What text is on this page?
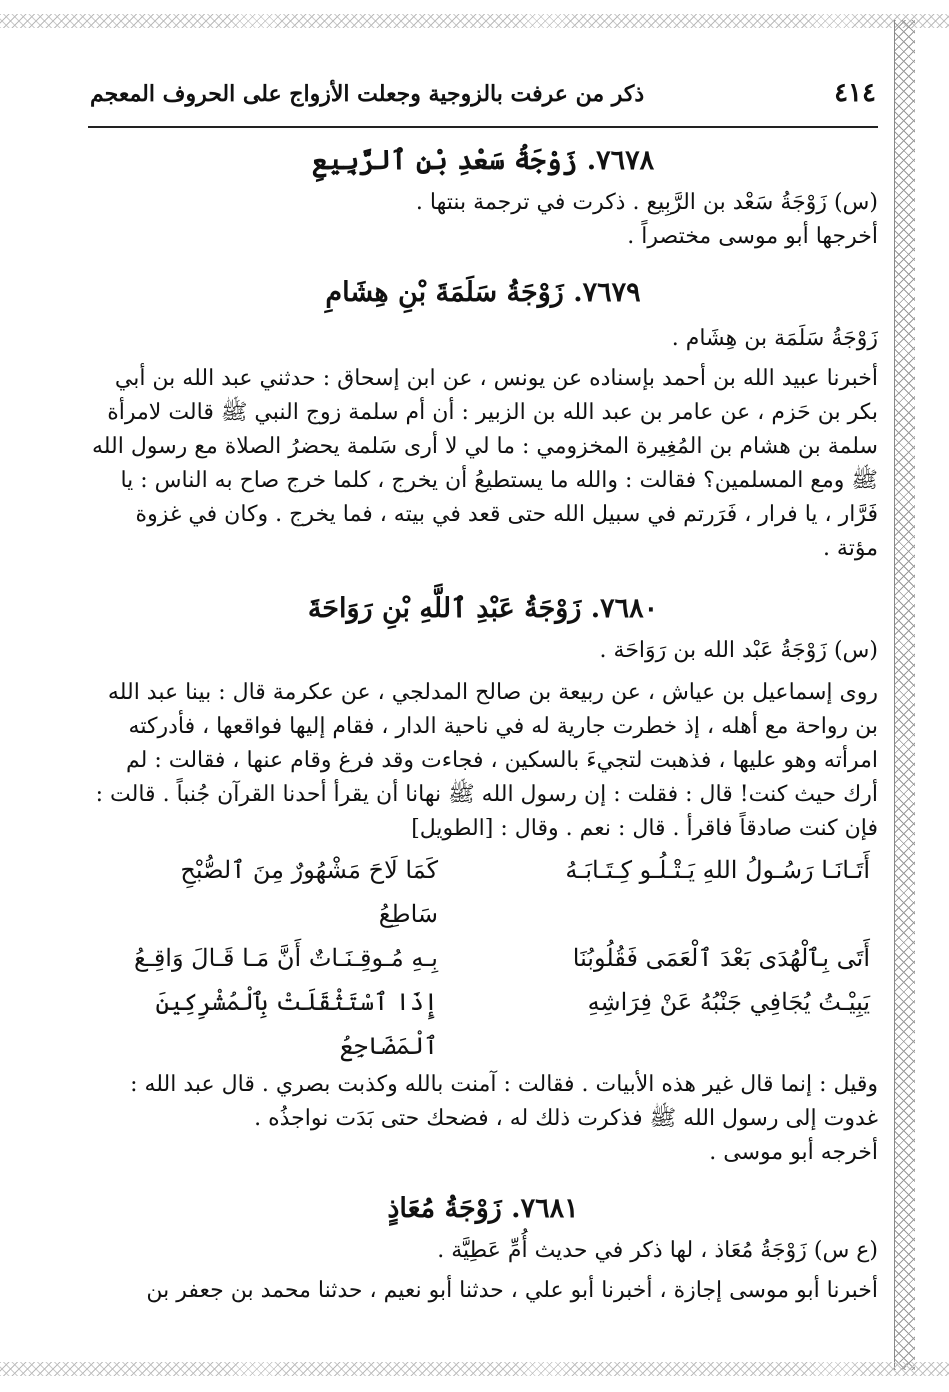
٤١٤
ذكر من عرفت بالزوجية وجعلت الأزواج على الحروف المعجم
٧٦٧٨. زَوْجَةُ سَعْدِ بْنِ ٱلرَّبِيعِ

(س) زَوْجَةُ سَعْد بن الرَّبِيع . ذكرت في ترجمة بنتها .

أخرجها أبو موسى مختصراً .

٧٦٧٩. زَوْجَةُ سَلَمَةَ بْنِ هِشَامِ

زَوْجَةُ سَلَمَة بن هِشَام .

أخبرنا عبيد الله بن أحمد بإسناده عن يونس ، عن ابن إسحاق : حدثني عبد الله بن أبي بكر بن حَزم ، عن عامر بن عبد الله بن الزبير : أن أم سلمة زوج النبي ﷺ قالت لامرأة سلمة بن هشام بن المُغِيرة المخزومي : ما لي لا أرى سَلمة يحضرُ الصلاة مع رسول الله ﷺ ومع المسلمين؟ فقالت : والله ما يستطيعُ أن يخرج ، كلما خرج صاح به الناس : يا فَرَّار ، يا فرار ، فَرَرتم في سبيل الله حتى قعد في بيته ، فما يخرج . وكان في غزوة مؤتة .

٧٦٨٠. زَوْجَةُ عَبْدِ ٱللَّهِ بْنِ رَوَاحَةَ

(س) زَوْجَةُ عَبْد الله بن رَوَاحَة .

روى إسماعيل بن عياش ، عن ربيعة بن صالح المدلجي ، عن عكرمة قال : بينا عبد الله بن رواحة مع أهله ، إذ خطرت جارية له في ناحية الدار ، فقام إليها فواقعها ، فأدركته امرأته وهو عليها ، فذهبت لتجيءَ بالسكين ، فجاءت وقد فرغ وقام عنها ، فقالت : لم أرك حيث كنت! قال : فقلت : إن رسول الله ﷺ نهانا أن يقرأ أحدنا القرآن جُنباً . قالت : فإن كنت صادقاً فاقرأ . قال : نعم . وقال : [الطويل]

أَتَـانَـا رَسُـولُ اللهِ يَـتْـلُـو كِـتَـابَـهُ
كَمَا لَاحَ مَشْهُورٌ مِنَ ٱلصُّبْحِ سَاطِعُ
أَتَى بِٱلْهُدَى بَعْدَ ٱلْعَمَى فَقُلُوبُنَا
بِـهِ مُـوقِـنَـاتٌ أَنَّ مَـا قَـالَ وَاقِـعُ
يَبِيْـتُ يُجَافِي جَنْبُهُ عَنْ فِرَاشِهِ
إِذَا ٱسْتَثْقَلَتْ بِٱلْمُشْرِكِينَ ٱلْمَضَاجِعُ

وقيل : إنما قال غير هذه الأبيات . فقالت : آمنت بالله وكذبت بصري . قال عبد الله : غدوت إلى رسول الله ﷺ فذكرت ذلك له ، فضحك حتى بَدَت نواجذُه .

أخرجه أبو موسى .

٧٦٨١. زَوْجَةُ مُعَاذٍ

(ع س) زَوْجَةُ مُعَاذ ، لها ذكر في حديث أُمِّ عَطِيَّة .

أخبرنا أبو موسى إجازة ، أخبرنا أبو علي ، حدثنا أبو نعيم ، حدثنا محمد بن جعفر بن
